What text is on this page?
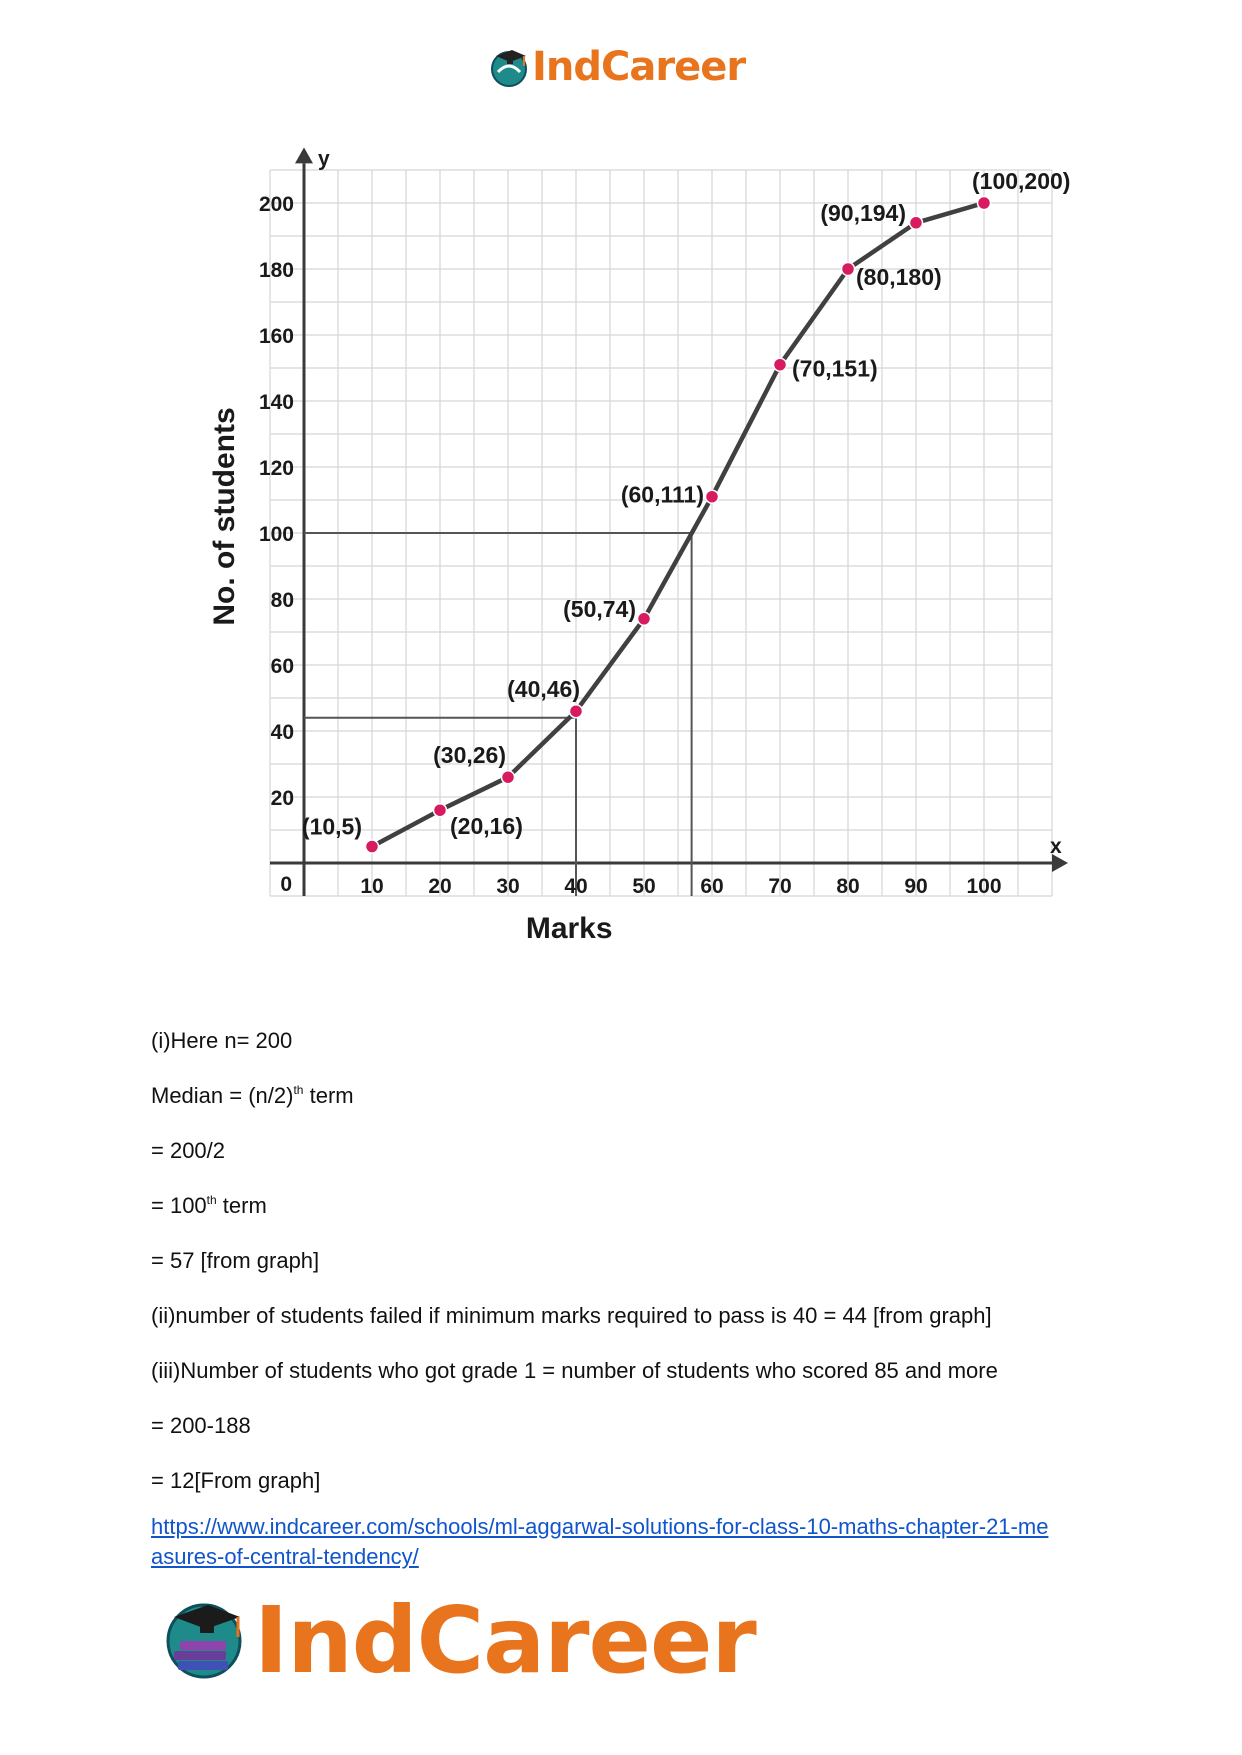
IndCareer
y
x
10 20 30 40 50 60 70 80 90 100
20
40
60
80
100
120
140
160
180
200
0
(10,5)	(20,16)
(30,26)
(40,46)
(50,74)
(60,111)
(70,151)
(80,180)
(90,194)
(100,200)
Marks
No. of students

(i)Here n= 200

Median = $(n/2)^{th}$ term

= 200/2

= 100th term

= 57 [from graph]

(ii)number of students failed if minimum marks required to pass is 40 = 44 [from graph]

(iii)Number of students who got grade 1 = number of students who scored 85 and more

= 200-188

= 12[From graph]

https://www.indcareer.com/schools/ml-aggarwal-solutions-for-class-10-maths-chapter-21-me
asures-of-central-tendency/
IndCareer
